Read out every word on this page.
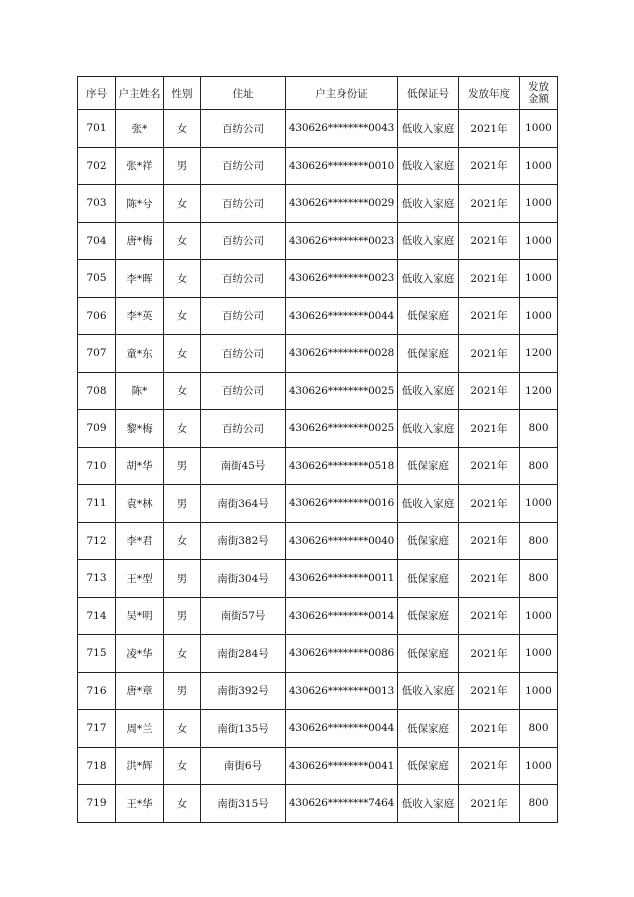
序号	户主姓名	性别	住址	户主身份证	低保证号	发放年度	发放
金额
701	张*	女	百纺公司	430626********0043	低收入家庭	2021年	1000
702	张*祥	男	百纺公司	430626********0010	低收入家庭	2021年	1000
703	陈*兮	女	百纺公司	430626********0029	低收入家庭	2021年	1000
704	唐*梅	女	百纺公司	430626********0023	低收入家庭	2021年	1000
705	李*晖	女	百纺公司	430626********0023	低收入家庭	2021年	1000
706	李*英	女	百纺公司	430626********0044	低保家庭	2021年	1000
707	童*东	女	百纺公司	430626********0028	低保家庭	2021年	1200
708	陈*	女	百纺公司	430626********0025	低收入家庭	2021年	1200
709	黎*梅	女	百纺公司	430626********0025	低收入家庭	2021年	800
710	胡*华	男	南街45号	430626********0518	低保家庭	2021年	800
711	袁*林	男	南街364号	430626********0016	低收入家庭	2021年	1000
712	李*君	女	南街382号	430626********0040	低保家庭	2021年	800
713	王*型	男	南街304号	430626********0011	低保家庭	2021年	800
714	吴*明	男	南街57号	430626********0014	低保家庭	2021年	1000
715	凌*华	女	南街284号	430626********0086	低保家庭	2021年	1000
716	唐*章	男	南街392号	430626********0013	低收入家庭	2021年	1000
717	周*兰	女	南街135号	430626********0044	低保家庭	2021年	800
718	洪*辉	女	南街6号	430626********0041	低保家庭	2021年	1000
719	王*华	女	南街315号	430626********7464	低收入家庭	2021年	800
